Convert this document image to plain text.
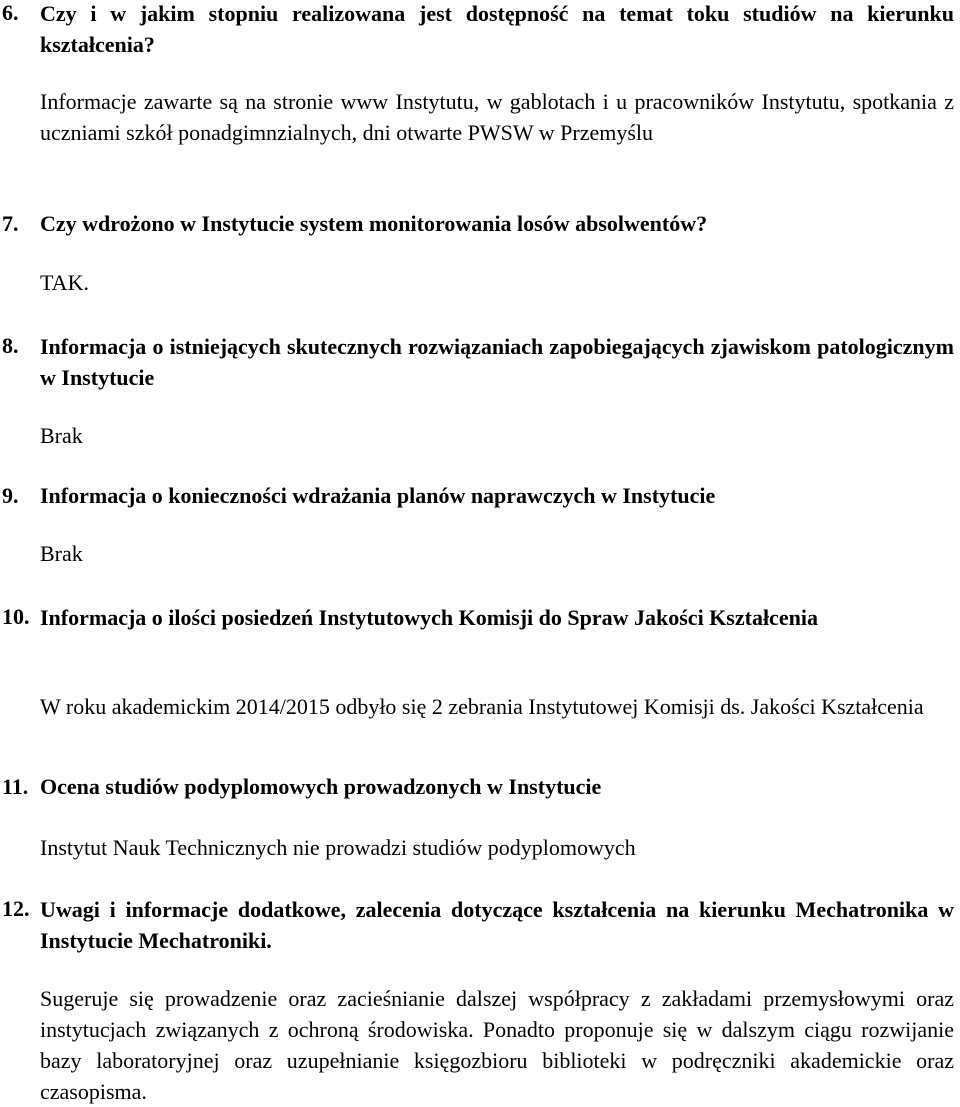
6. Czy i w jakim stopniu realizowana jest dostępność na temat toku studiów na kierunku kształcenia?
Informacje zawarte są na stronie www Instytutu, w gablotach i u pracowników Instytutu, spotkania z uczniami szkół ponadgimnzialnych, dni otwarte PWSW w Przemyślu
7. Czy wdrożono w Instytucie system monitorowania losów absolwentów?
TAK.
8. Informacja o istniejących skutecznych rozwiązaniach zapobiegających zjawiskom patologicznym w Instytucie
Brak
9. Informacja o konieczności wdrażania planów naprawczych w Instytucie
Brak
10. Informacja o ilości posiedzeń Instytutowych Komisji do Spraw Jakości Kształcenia
W roku akademickim 2014/2015 odbyło się 2 zebrania Instytutowej Komisji ds. Jakości Kształcenia
11. Ocena studiów podyplomowych prowadzonych w Instytucie
Instytut Nauk Technicznych nie prowadzi studiów podyplomowych
12. Uwagi i informacje dodatkowe, zalecenia dotyczące kształcenia na kierunku Mechatronika w Instytucie Mechatroniki.
Sugeruje się prowadzenie oraz zacieśnianie dalszej współpracy z zakładami przemysłowymi oraz instytucjach związanych z ochroną środowiska. Ponadto proponuje się w dalszym ciągu rozwijanie bazy laboratoryjnej oraz uzupełnianie księgozbioru biblioteki w podręczniki akademickie oraz czasopisma.
